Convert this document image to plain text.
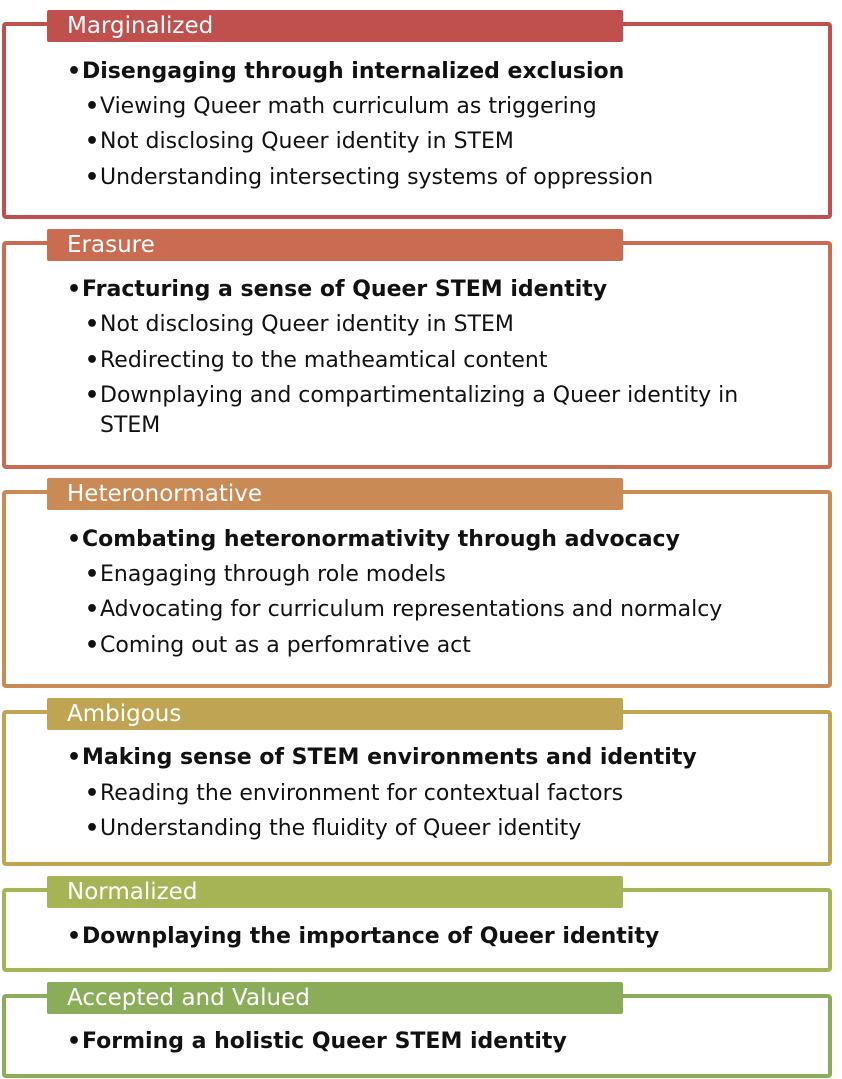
Marginalized
•Disengaging through internalized exclusion
•Viewing Queer math curriculum as triggering
•Not disclosing Queer identity in STEM
•Understanding intersecting systems of oppression
Erasure
•Fracturing a sense of Queer STEM identity
•Not disclosing Queer identity in STEM
•Redirecting to the matheamtical content
•Downplaying and compartimentalizing a Queer identity in STEM
Heteronormative
•Combating heteronormativity through advocacy
•Enagaging through role models
•Advocating for curriculum representations and normalcy
•Coming out as a perfomrative act
Ambigous
•Making sense of STEM environments and identity
•Reading the environment for contextual factors
•Understanding the fluidity of Queer identity
Normalized
•Downplaying the importance of Queer identity
Accepted and Valued
•Forming a holistic Queer STEM identity
